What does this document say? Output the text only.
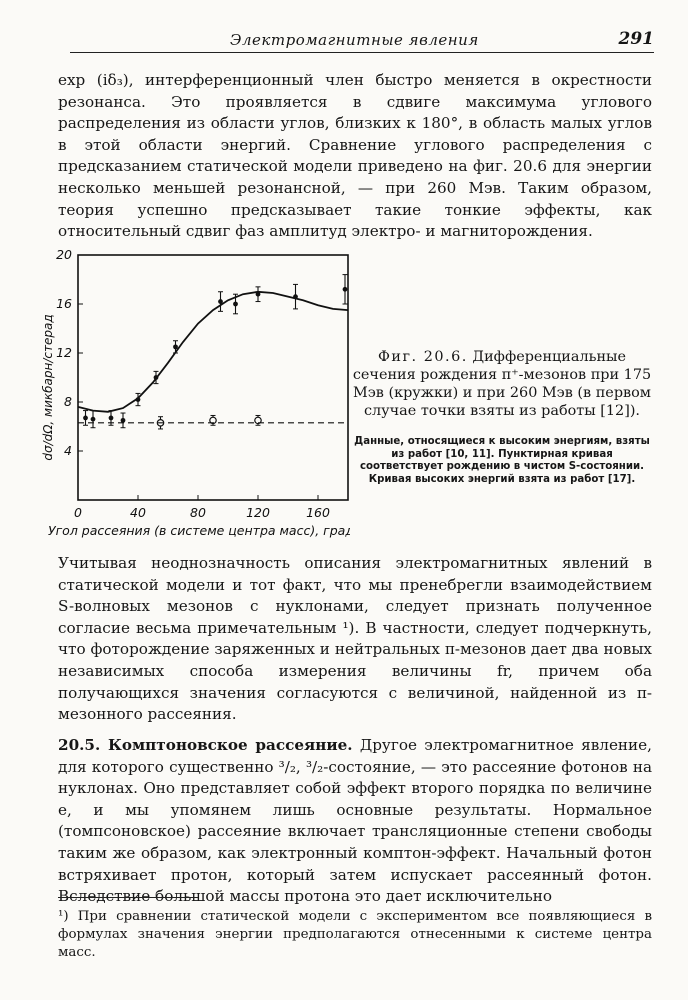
Электромагнитные явления	291

exp (iδ₃), интерференционный член быстро меняется в окрестности резонанса. Это проявляется в сдвиге максимума углового распределения из области углов, близких к 180°, в область малых углов в этой области энергий. Сравнение углового распределения с предсказанием статической модели приведено на фиг. 20.6 для энергии несколько меньшей резонансной, — при 260 Мэв. Таким образом, теория успешно предсказывает такие тонкие эффекты, как относительный сдвиг фаз амплитуд электро- и магниторождения.

4
8
12
16
20
0	40	80	120	160
Угол рассеяния (в системе центра масс), град
dσ/dΩ, микбарн/стерад	Фиг. 20.6. Дифференциальные сечения рождения π⁺-мезонов при 175 Мэв (кружки) и при 260 Мэв (в первом случае точки взяты из работы [12]).
Данные, относящиеся к высоким энергиям, взяты из работ [10, 11]. Пунктирная кривая соответствует рождению в чистом S-состоянии. Кривая высоких энергий взята из работ [17].

Учитывая неоднозначность описания электромагнитных явлений в статической модели и тот факт, что мы пренебрегли взаимодействием S-волновых мезонов с нуклонами, следует признать полученное согласие весьма примечательным ¹). В частности, следует подчеркнуть, что фоторождение заряженных и нейтральных π-мезонов дает два новых независимых способа измерения величины fr, причем оба получающихся значения согласуются с величиной, найденной из π-мезонного рассеяния.

20.5. Комптоновское рассеяние. Другое электромагнитное явление, для которого существенно ³/₂, ³/₂-состояние, — это рассеяние фотонов на нуклонах. Оно представляет собой эффект второго порядка по величине e, и мы упомянем лишь основные результаты. Нормальное (томпсоновское) рассеяние включает трансляционные степени свободы таким же образом, как электронный комптон-эффект. Начальный фотон встряхивает протон, который затем испускает рассеянный фотон. Вследствие большой массы протона это дает исключительно

¹) При сравнении статической модели с экспериментом все появляющиеся в формулах значения энергии предполагаются отнесенными к системе центра масс.
